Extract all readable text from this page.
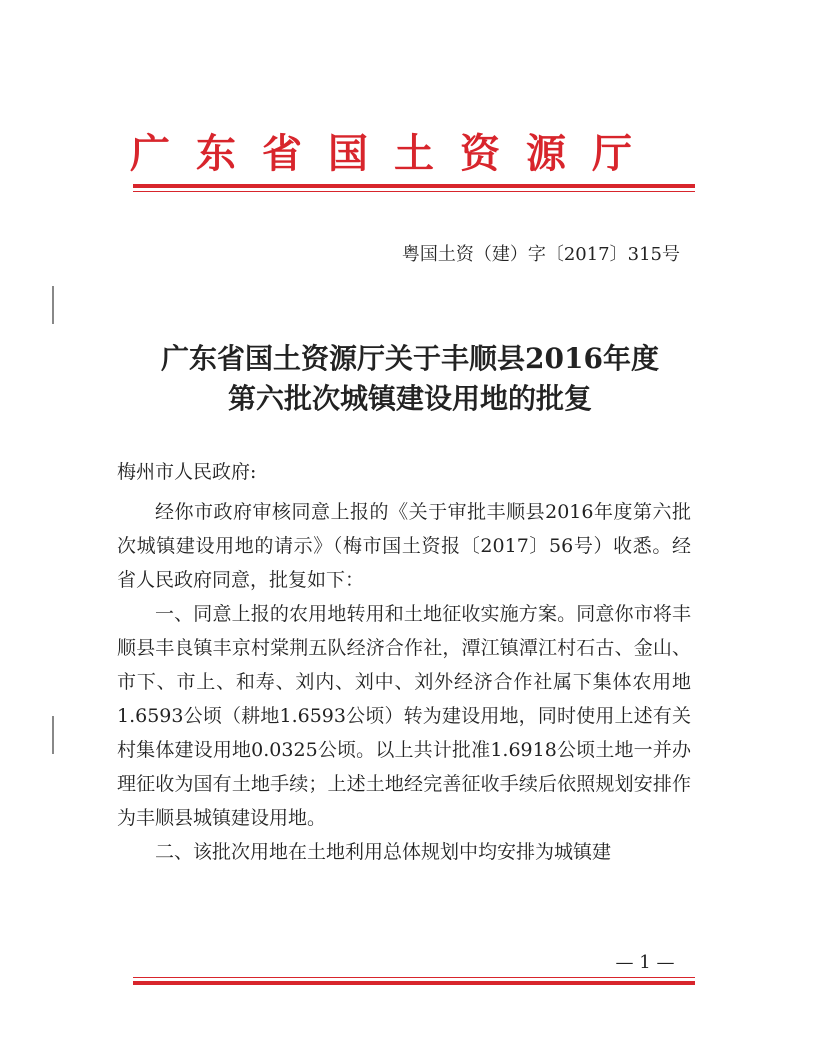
广东省国土资源厅
粤国土资（建）字〔2017〕315号
广东省国土资源厅关于丰顺县2016年度
第六批次城镇建设用地的批复
梅州市人民政府:

经你市政府审核同意上报的《关于审批丰顺县2016年度第六批次城镇建设用地的请示》（梅市国土资报〔2017〕56号）收悉。经省人民政府同意，批复如下：

一、同意上报的农用地转用和土地征收实施方案。同意你市将丰顺县丰良镇丰京村棠荆五队经济合作社，潭江镇潭江村石古、金山、市下、市上、和寿、刘内、刘中、刘外经济合作社属下集体农用地1.6593公顷（耕地1.6593公顷）转为建设用地，同时使用上述有关村集体建设用地0.0325公顷。以上共计批准1.6918公顷土地一并办理征收为国有土地手续；上述土地经完善征收手续后依照规划安排作为丰顺县城镇建设用地。

二、该批次用地在土地利用总体规划中均安排为城镇建

— 1 —
